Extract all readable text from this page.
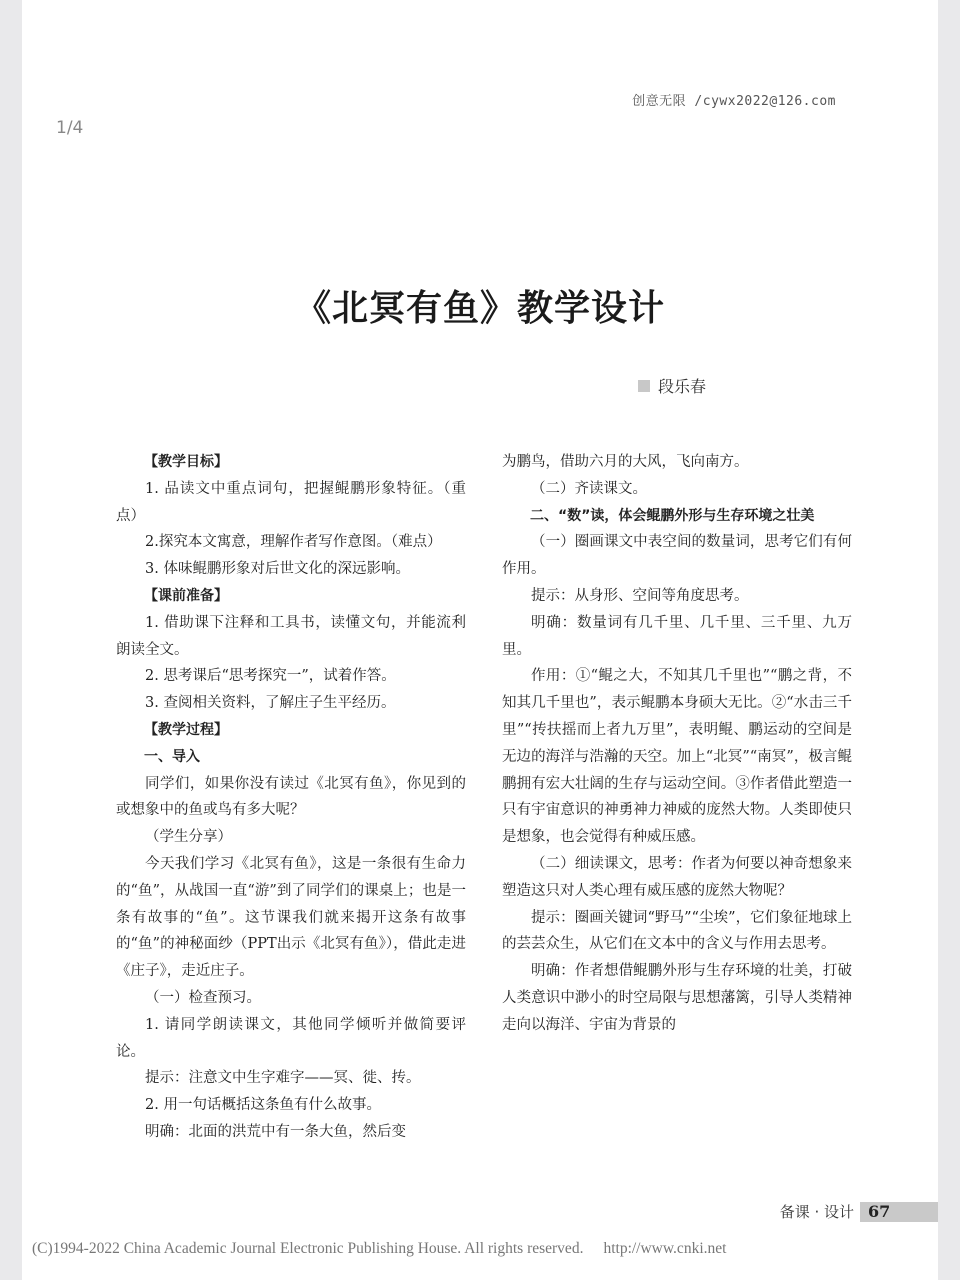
创意无限 /cywx2022@126.com
1/4
《北冥有鱼》教学设计
段乐春

【教学目标】

1. 品读文中重点词句，把握鲲鹏形象特征。（重点）

2.探究本文寓意，理解作者写作意图。（难点）

3. 体味鲲鹏形象对后世文化的深远影响。

【课前准备】

1. 借助课下注释和工具书，读懂文句，并能流利朗读全文。

2. 思考课后“思考探究一”，试着作答。

3. 查阅相关资料，了解庄子生平经历。

【教学过程】

一、导入

同学们，如果你没有读过《北冥有鱼》，你见到的或想象中的鱼或鸟有多大呢？

（学生分享）

今天我们学习《北冥有鱼》，这是一条很有生命力的“鱼”，从战国一直“游”到了同学们的课桌上；也是一条有故事的“鱼”。这节课我们就来揭开这条有故事的“鱼”的神秘面纱（PPT出示《北冥有鱼》），借此走进《庄子》，走近庄子。

（一）检查预习。

1. 请同学朗读课文，其他同学倾听并做简要评论。

提示：注意文中生字难字——冥、徙、抟。

2. 用一句话概括这条鱼有什么故事。

明确：北面的洪荒中有一条大鱼，然后变

为鹏鸟，借助六月的大风，飞向南方。

（二）齐读课文。

二、“数”读，体会鲲鹏外形与生存环境之壮美

（一）圈画课文中表空间的数量词，思考它们有何作用。

提示：从身形、空间等角度思考。

明确：数量词有几千里、几千里、三千里、九万里。

作用：①“鲲之大，不知其几千里也”“鹏之背，不知其几千里也”，表示鲲鹏本身硕大无比。②“水击三千里”“抟扶摇而上者九万里”，表明鲲、鹏运动的空间是无边的海洋与浩瀚的天空。加上“北冥”“南冥”，极言鲲鹏拥有宏大壮阔的生存与运动空间。③作者借此塑造一只有宇宙意识的神勇神力神威的庞然大物。人类即使只是想象，也会觉得有种威压感。

（二）细读课文，思考：作者为何要以神奇想象来塑造这只对人类心理有威压感的庞然大物呢？

提示：圈画关键词“野马”“尘埃”，它们象征地球上的芸芸众生，从它们在文本中的含义与作用去思考。

明确：作者想借鲲鹏外形与生存环境的壮美，打破人类意识中渺小的时空局限与思想藩篱，引导人类精神走向以海洋、宇宙为背景的

备课 · 设计 67
(C)1994-2022 China Academic Journal Electronic Publishing House. All rights reserved. http://www.cnki.net
